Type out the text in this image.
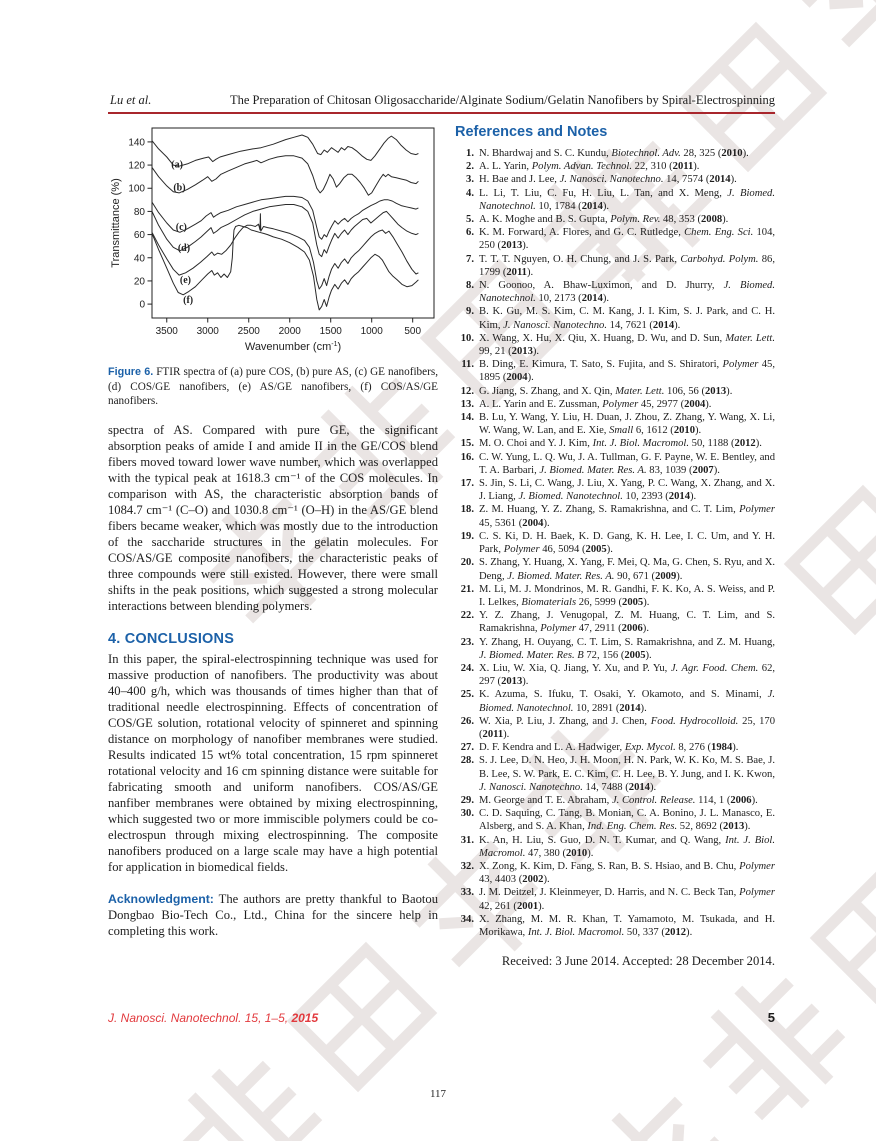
Lu et al.	The Preparation of Chitosan Oligosaccharide/Alginate Sodium/Gelatin Nanofibers by Spiral-Electrospinning
3500 3000 2500 2000 1500 1000 500
0
20
40
60
80
100
120
140
Wavenumber $(cm^{-1})$
Transmittance (%)
(a)
(b)
(c)
(d)
(e)
(f)
Figure 6. FTIR spectra of (a) pure COS, (b) pure AS, (c) GE nanofibers, (d) COS/GE nanofibers, (e) AS/GE nanofibers, (f) COS/AS/GE nanofibers.

spectra of AS. Compared with pure GE, the significant absorption peaks of amide I and amide II in the GE/COS blend fibers moved toward lower wave number, which was overlapped with the typical peak at 1618.3 cm⁻¹ of the COS molecules. In comparison with AS, the characteristic absorption bands of 1084.7 cm⁻¹ (C–O) and 1030.8 cm⁻¹ (O–H) in the AS/GE blend fibers became weaker, which was mostly due to the introduction of the saccharide structures in the gelatin molecules. For COS/AS/GE composite nanofibers, the characteristic peaks of three compounds were still existed. However, there were small shifts in the peak positions, which suggested a strong molecular interactions between blending polymers.

4. CONCLUSIONS

In this paper, the spiral-electrospinning technique was used for massive production of nanofibers. The productivity was about 40–400 g/h, which was thousands of times higher than that of traditional needle electrospinning. Effects of concentration of COS/GE solution, rotational velocity of spinneret and spinning distance on morphology of nanofiber membranes were studied. Results indicated 15 wt% total concentration, 15 rpm spinneret rotational velocity and 16 cm spinning distance were suitable for fabricating smooth and uniform nanofibers. COS/AS/GE nanfiber membranes were obtained by mixing electrospinning, which suggested two or more immiscible polymers could be co-electrospun through mixing electrospinning. The composite nanofibers produced on a large scale may have a high potential for application in biomedical fields.

Acknowledgment: The authors are pretty thankful to Baotou Dongbao Bio-Tech Co., Ltd., China for the sincere help in completing this work.

References and Notes
1. N. Bhardwaj and S. C. Kundu, Biotechnol. Adv. 28, 325 (2010).
2. A. L. Yarin, Polym. Advan. Technol. 22, 310 (2011).
3. H. Bae and J. Lee, J. Nanosci. Nanotechno. 14, 7574 (2014).
4. L. Li, T. Liu, C. Fu, H. Liu, L. Tan, and X. Meng, J. Biomed. Nanotechnol. 10, 1784 (2014).
5. A. K. Moghe and B. S. Gupta, Polym. Rev. 48, 353 (2008).
6. K. M. Forward, A. Flores, and G. C. Rutledge, Chem. Eng. Sci. 104, 250 (2013).
7. T. T. T. Nguyen, O. H. Chung, and J. S. Park, Carbohyd. Polym. 86, 1799 (2011).
8. N. Goonoo, A. Bhaw-Luximon, and D. Jhurry, J. Biomed. Nanotechnol. 10, 2173 (2014).
9. B. K. Gu, M. S. Kim, C. M. Kang, J. I. Kim, S. J. Park, and C. H. Kim, J. Nanosci. Nanotechno. 14, 7621 (2014).
10. X. Wang, X. Hu, X. Qiu, X. Huang, D. Wu, and D. Sun, Mater. Lett. 99, 21 (2013).
11. B. Ding, E. Kimura, T. Sato, S. Fujita, and S. Shiratori, Polymer 45, 1895 (2004).
12. G. Jiang, S. Zhang, and X. Qin, Mater. Lett. 106, 56 (2013).
13. A. L. Yarin and E. Zussman, Polymer 45, 2977 (2004).
14. B. Lu, Y. Wang, Y. Liu, H. Duan, J. Zhou, Z. Zhang, Y. Wang, X. Li, W. Wang, W. Lan, and E. Xie, Small 6, 1612 (2010).
15. M. O. Choi and Y. J. Kim, Int. J. Biol. Macromol. 50, 1188 (2012).
16. C. W. Yung, L. Q. Wu, J. A. Tullman, G. F. Payne, W. E. Bentley, and T. A. Barbari, J. Biomed. Mater. Res. A. 83, 1039 (2007).
17. S. Jin, S. Li, C. Wang, J. Liu, X. Yang, P. C. Wang, X. Zhang, and X. J. Liang, J. Biomed. Nanotechnol. 10, 2393 (2014).
18. Z. M. Huang, Y. Z. Zhang, S. Ramakrishna, and C. T. Lim, Polymer 45, 5361 (2004).
19. C. S. Ki, D. H. Baek, K. D. Gang, K. H. Lee, I. C. Um, and Y. H. Park, Polymer 46, 5094 (2005).
20. S. Zhang, Y. Huang, X. Yang, F. Mei, Q. Ma, G. Chen, S. Ryu, and X. Deng, J. Biomed. Mater. Res. A. 90, 671 (2009).
21. M. Li, M. J. Mondrinos, M. R. Gandhi, F. K. Ko, A. S. Weiss, and P. I. Lelkes, Biomaterials 26, 5999 (2005).
22. Y. Z. Zhang, J. Venugopal, Z. M. Huang, C. T. Lim, and S. Ramakrishna, Polymer 47, 2911 (2006).
23. Y. Zhang, H. Ouyang, C. T. Lim, S. Ramakrishna, and Z. M. Huang, J. Biomed. Mater. Res. B 72, 156 (2005).
24. X. Liu, W. Xia, Q. Jiang, Y. Xu, and P. Yu, J. Agr. Food. Chem. 62, 297 (2013).
25. K. Azuma, S. Ifuku, T. Osaki, Y. Okamoto, and S. Minami, J. Biomed. Nanotechnol. 10, 2891 (2014).
26. W. Xia, P. Liu, J. Zhang, and J. Chen, Food. Hydrocolloid. 25, 170 (2011).
27. D. F. Kendra and L. A. Hadwiger, Exp. Mycol. 8, 276 (1984).
28. S. J. Lee, D. N. Heo, J. H. Moon, H. N. Park, W. K. Ko, M. S. Bae, J. B. Lee, S. W. Park, E. C. Kim, C. H. Lee, B. Y. Jung, and I. K. Kwon, J. Nanosci. Nanotechno. 14, 7488 (2014).
29. M. George and T. E. Abraham, J. Control. Release. 114, 1 (2006).
30. C. D. Saquing, C. Tang, B. Monian, C. A. Bonino, J. L. Manasco, E. Alsberg, and S. A. Khan, Ind. Eng. Chem. Res. 52, 8692 (2013).
31. K. An, H. Liu, S. Guo, D. N. T. Kumar, and Q. Wang, Int. J. Biol. Macromol. 47, 380 (2010).
32. X. Zong, K. Kim, D. Fang, S. Ran, B. S. Hsiao, and B. Chu, Polymer 43, 4403 (2002).
33. J. M. Deitzel, J. Kleinmeyer, D. Harris, and N. C. Beck Tan, Polymer 42, 261 (2001).
34. X. Zhang, M. M. R. Khan, T. Yamamoto, M. Tsukada, and H. Morikawa, Int. J. Biol. Macromol. 50, 337 (2012).
Received: 3 June 2014. Accepted: 28 December 2014.
J. Nanosci. Nanotechnol. 15, 1–5, 2015	5
117
